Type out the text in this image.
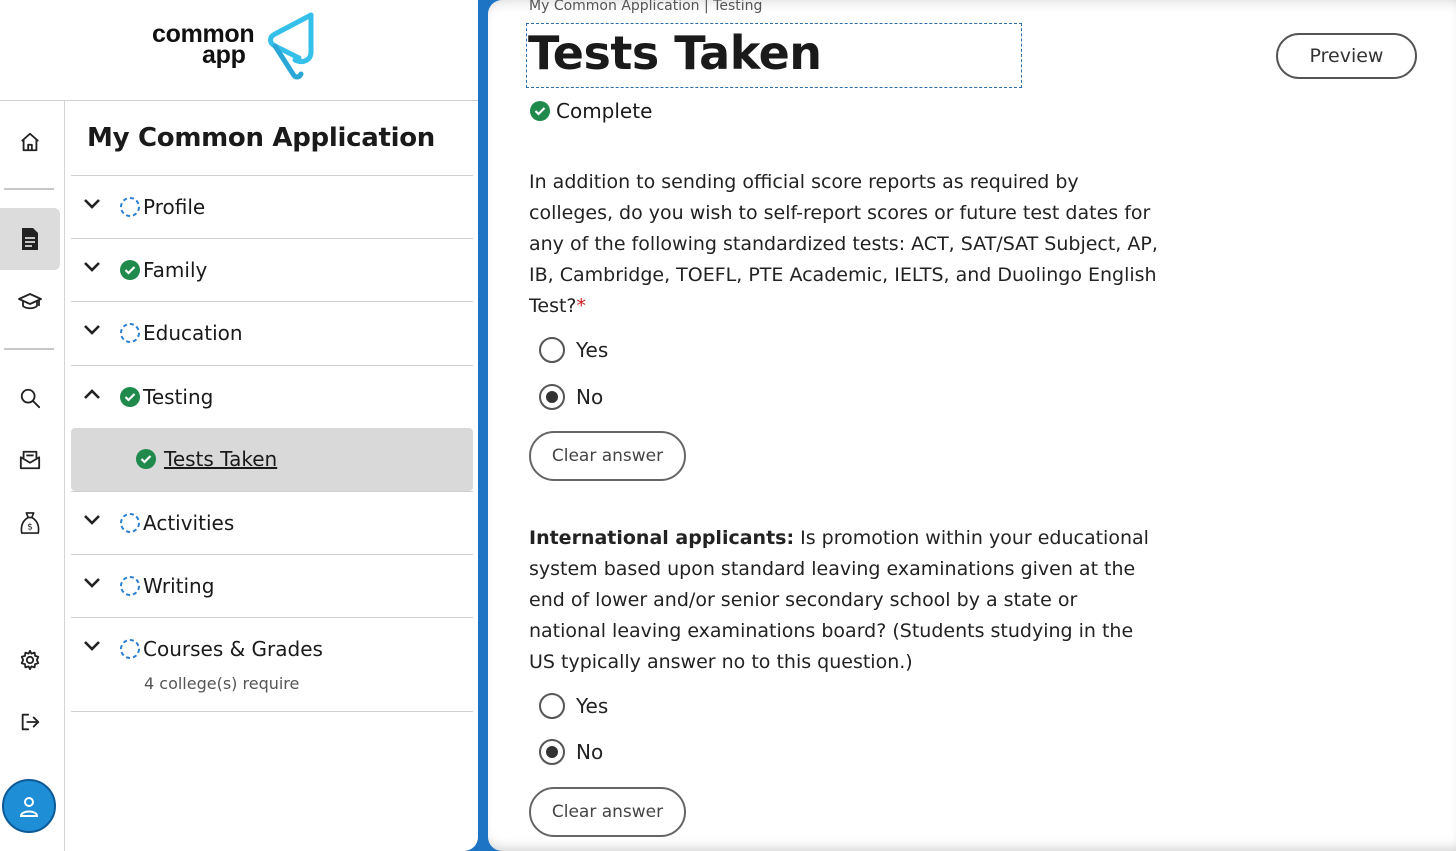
common
app
$
My Common Application
Profile
Family
Education
Testing
Tests Taken
Activities
Writing
Courses & Grades
4 college(s) require
My Common Application | Testing
Tests Taken
Complete
Preview
In addition to sending official score reports as required by colleges, do you wish to self-report scores or future test dates for any of the following standardized tests: ACT, SAT/SAT Subject, AP, IB, Cambridge, TOEFL, PTE Academic, IELTS, and Duolingo English Test?*
Yes
No
Clear answer
International applicants: Is promotion within your educational system based upon standard leaving examinations given at the end of lower and/or senior secondary school by a state or national leaving examinations board? (Students studying in the US typically answer no to this question.)
Yes
No
Clear answer
